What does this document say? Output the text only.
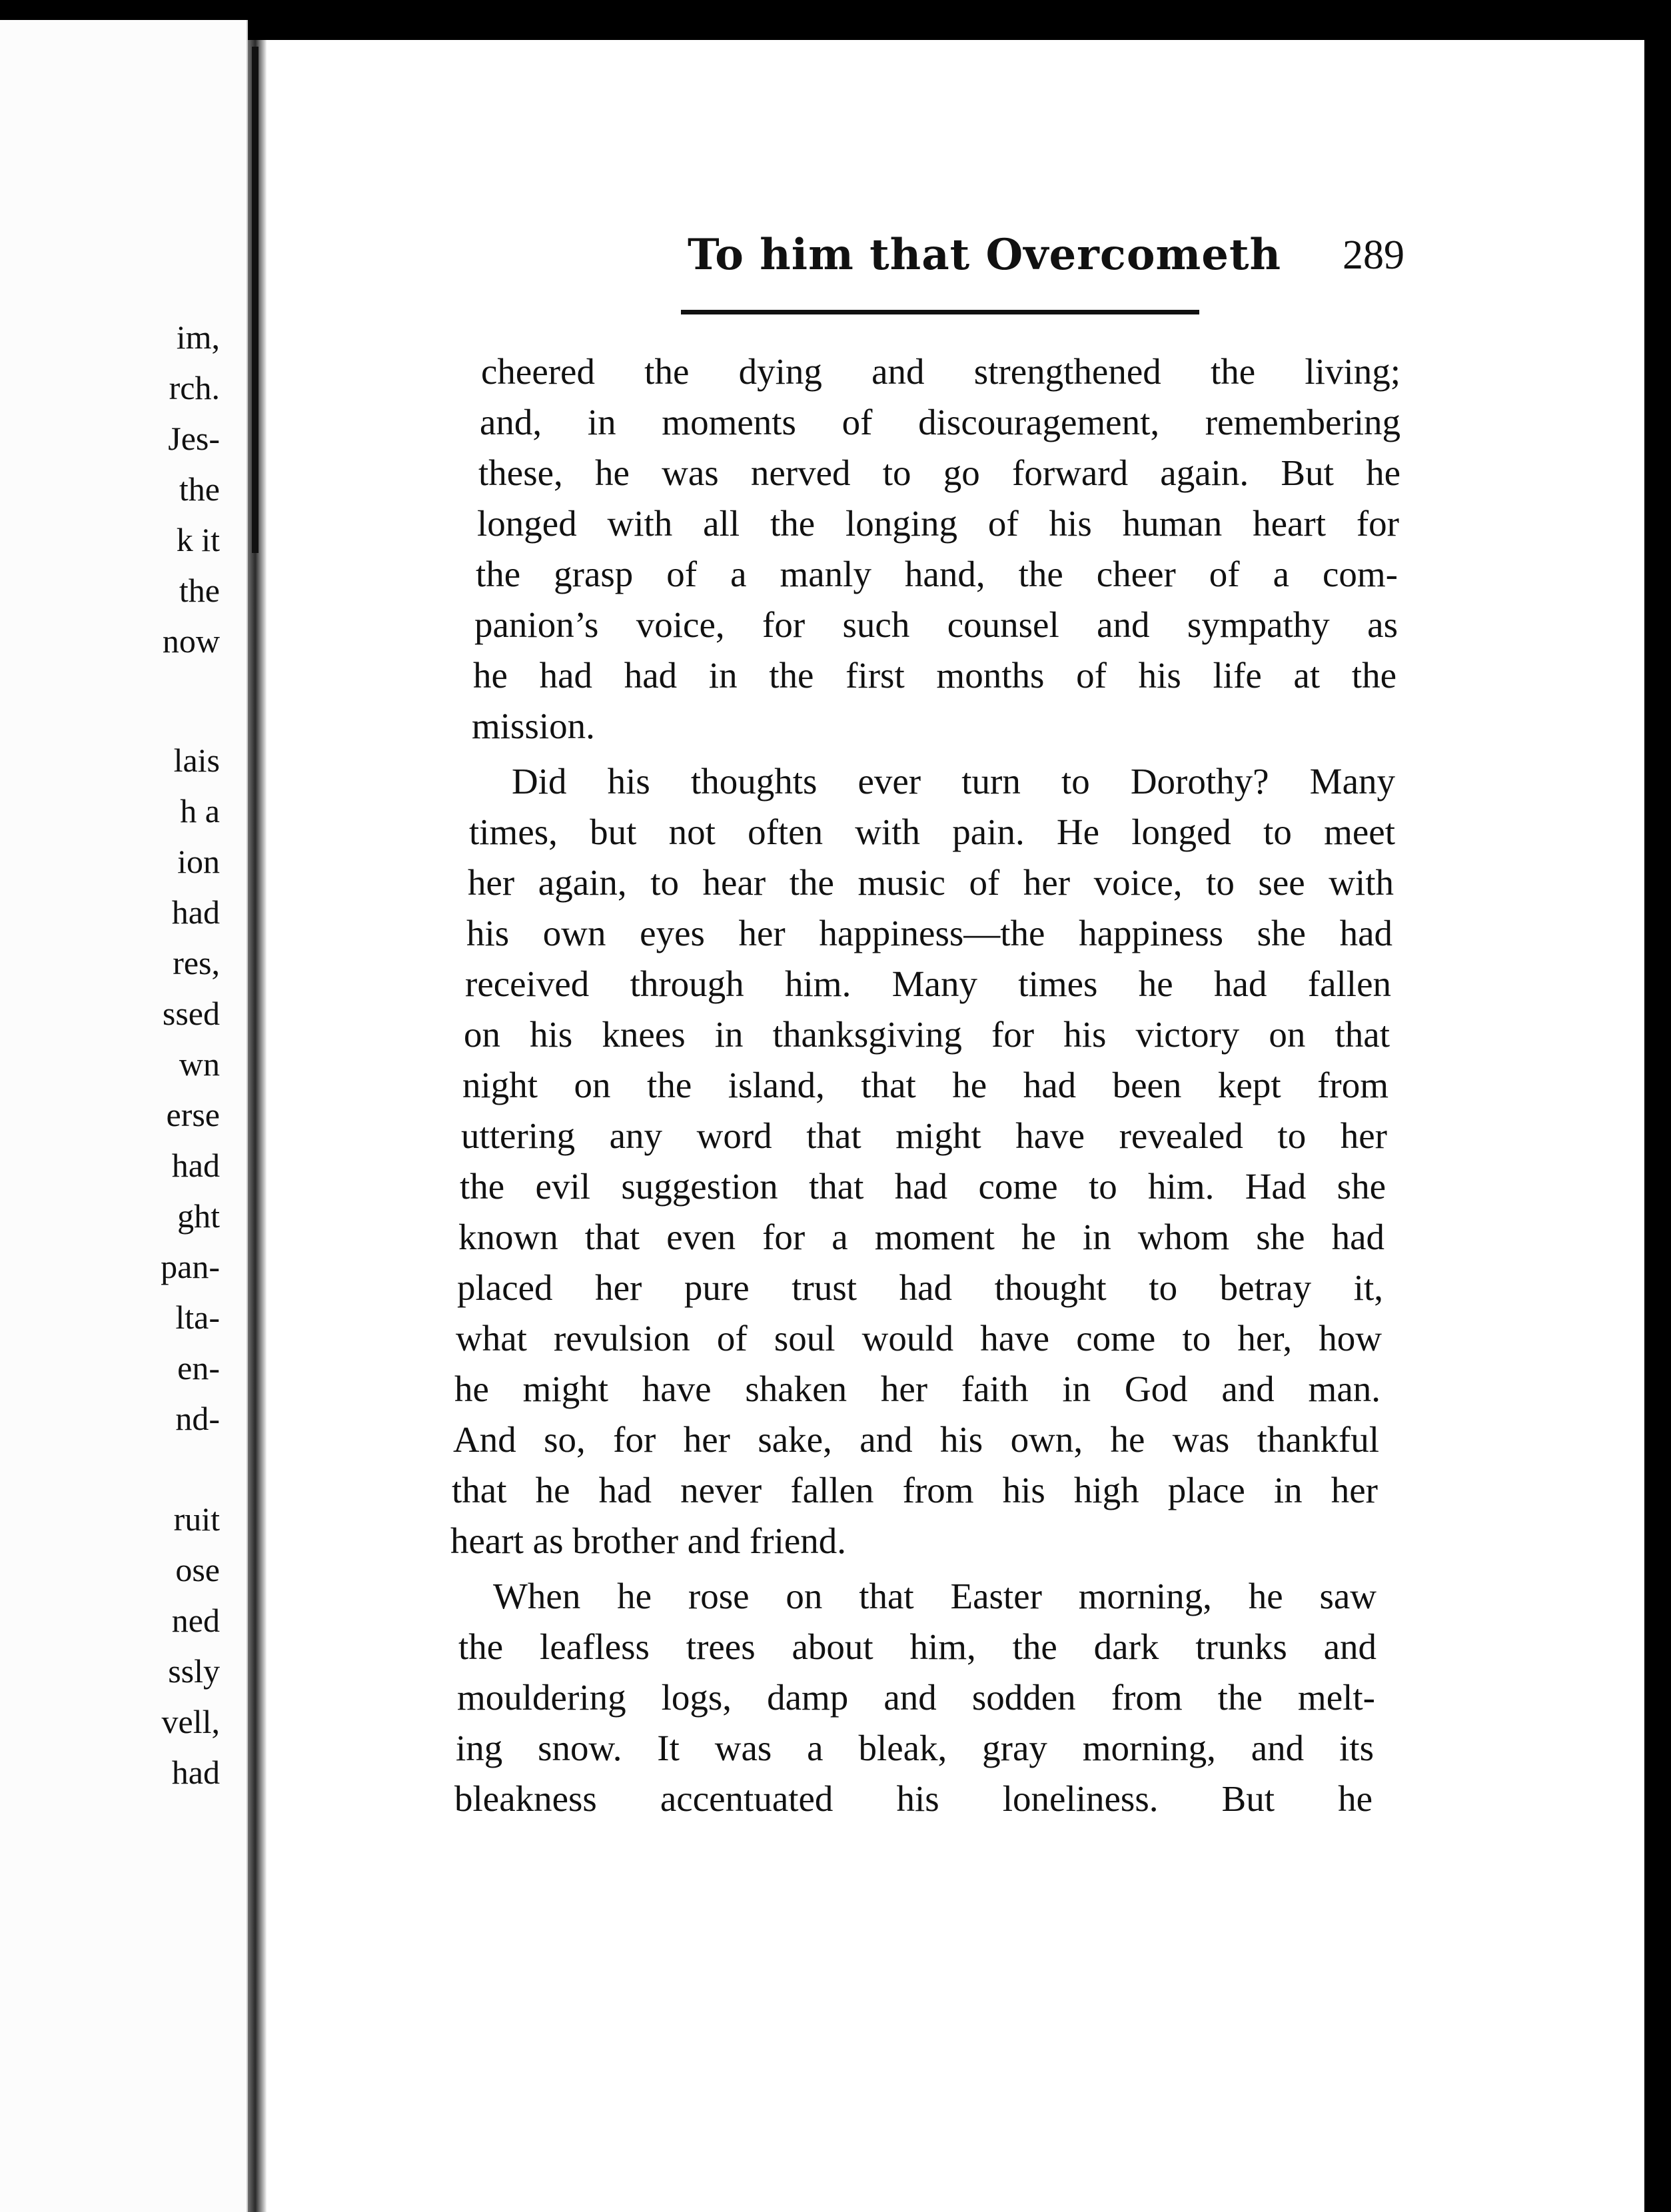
im,
rch.
Jes-
the
k it
the
now
lais
h a
ion
had
res,
ssed
wn
erse
had
ght
pan-
lta-
en-
nd-
ruit
ose
ned
ssly
vell,
had
To him that Overcometh 289
cheered the dying and strengthened the living;
and, in moments of discouragement, remembering
these, he was nerved to go forward again. But he
longed with all the longing of his human heart for
the grasp of a manly hand, the cheer of a com-
panion’s voice, for such counsel and sympathy as
he had had in the first months of his life at the
mission.
Did his thoughts ever turn to Dorothy? Many
times, but not often with pain. He longed to meet
her again, to hear the music of her voice, to see with
his own eyes her happiness—the happiness she had
received through him. Many times he had fallen
on his knees in thanksgiving for his victory on that
night on the island, that he had been kept from
uttering any word that might have revealed to her
the evil suggestion that had come to him. Had she
known that even for a moment he in whom she had
placed her pure trust had thought to betray it,
what revulsion of soul would have come to her, how
he might have shaken her faith in God and man.
And so, for her sake, and his own, he was thankful
that he had never fallen from his high place in her
heart as brother and friend.
When he rose on that Easter morning, he saw
the leafless trees about him, the dark trunks and
mouldering logs, damp and sodden from the melt-
ing snow. It was a bleak, gray morning, and its
bleakness accentuated his loneliness. But he
